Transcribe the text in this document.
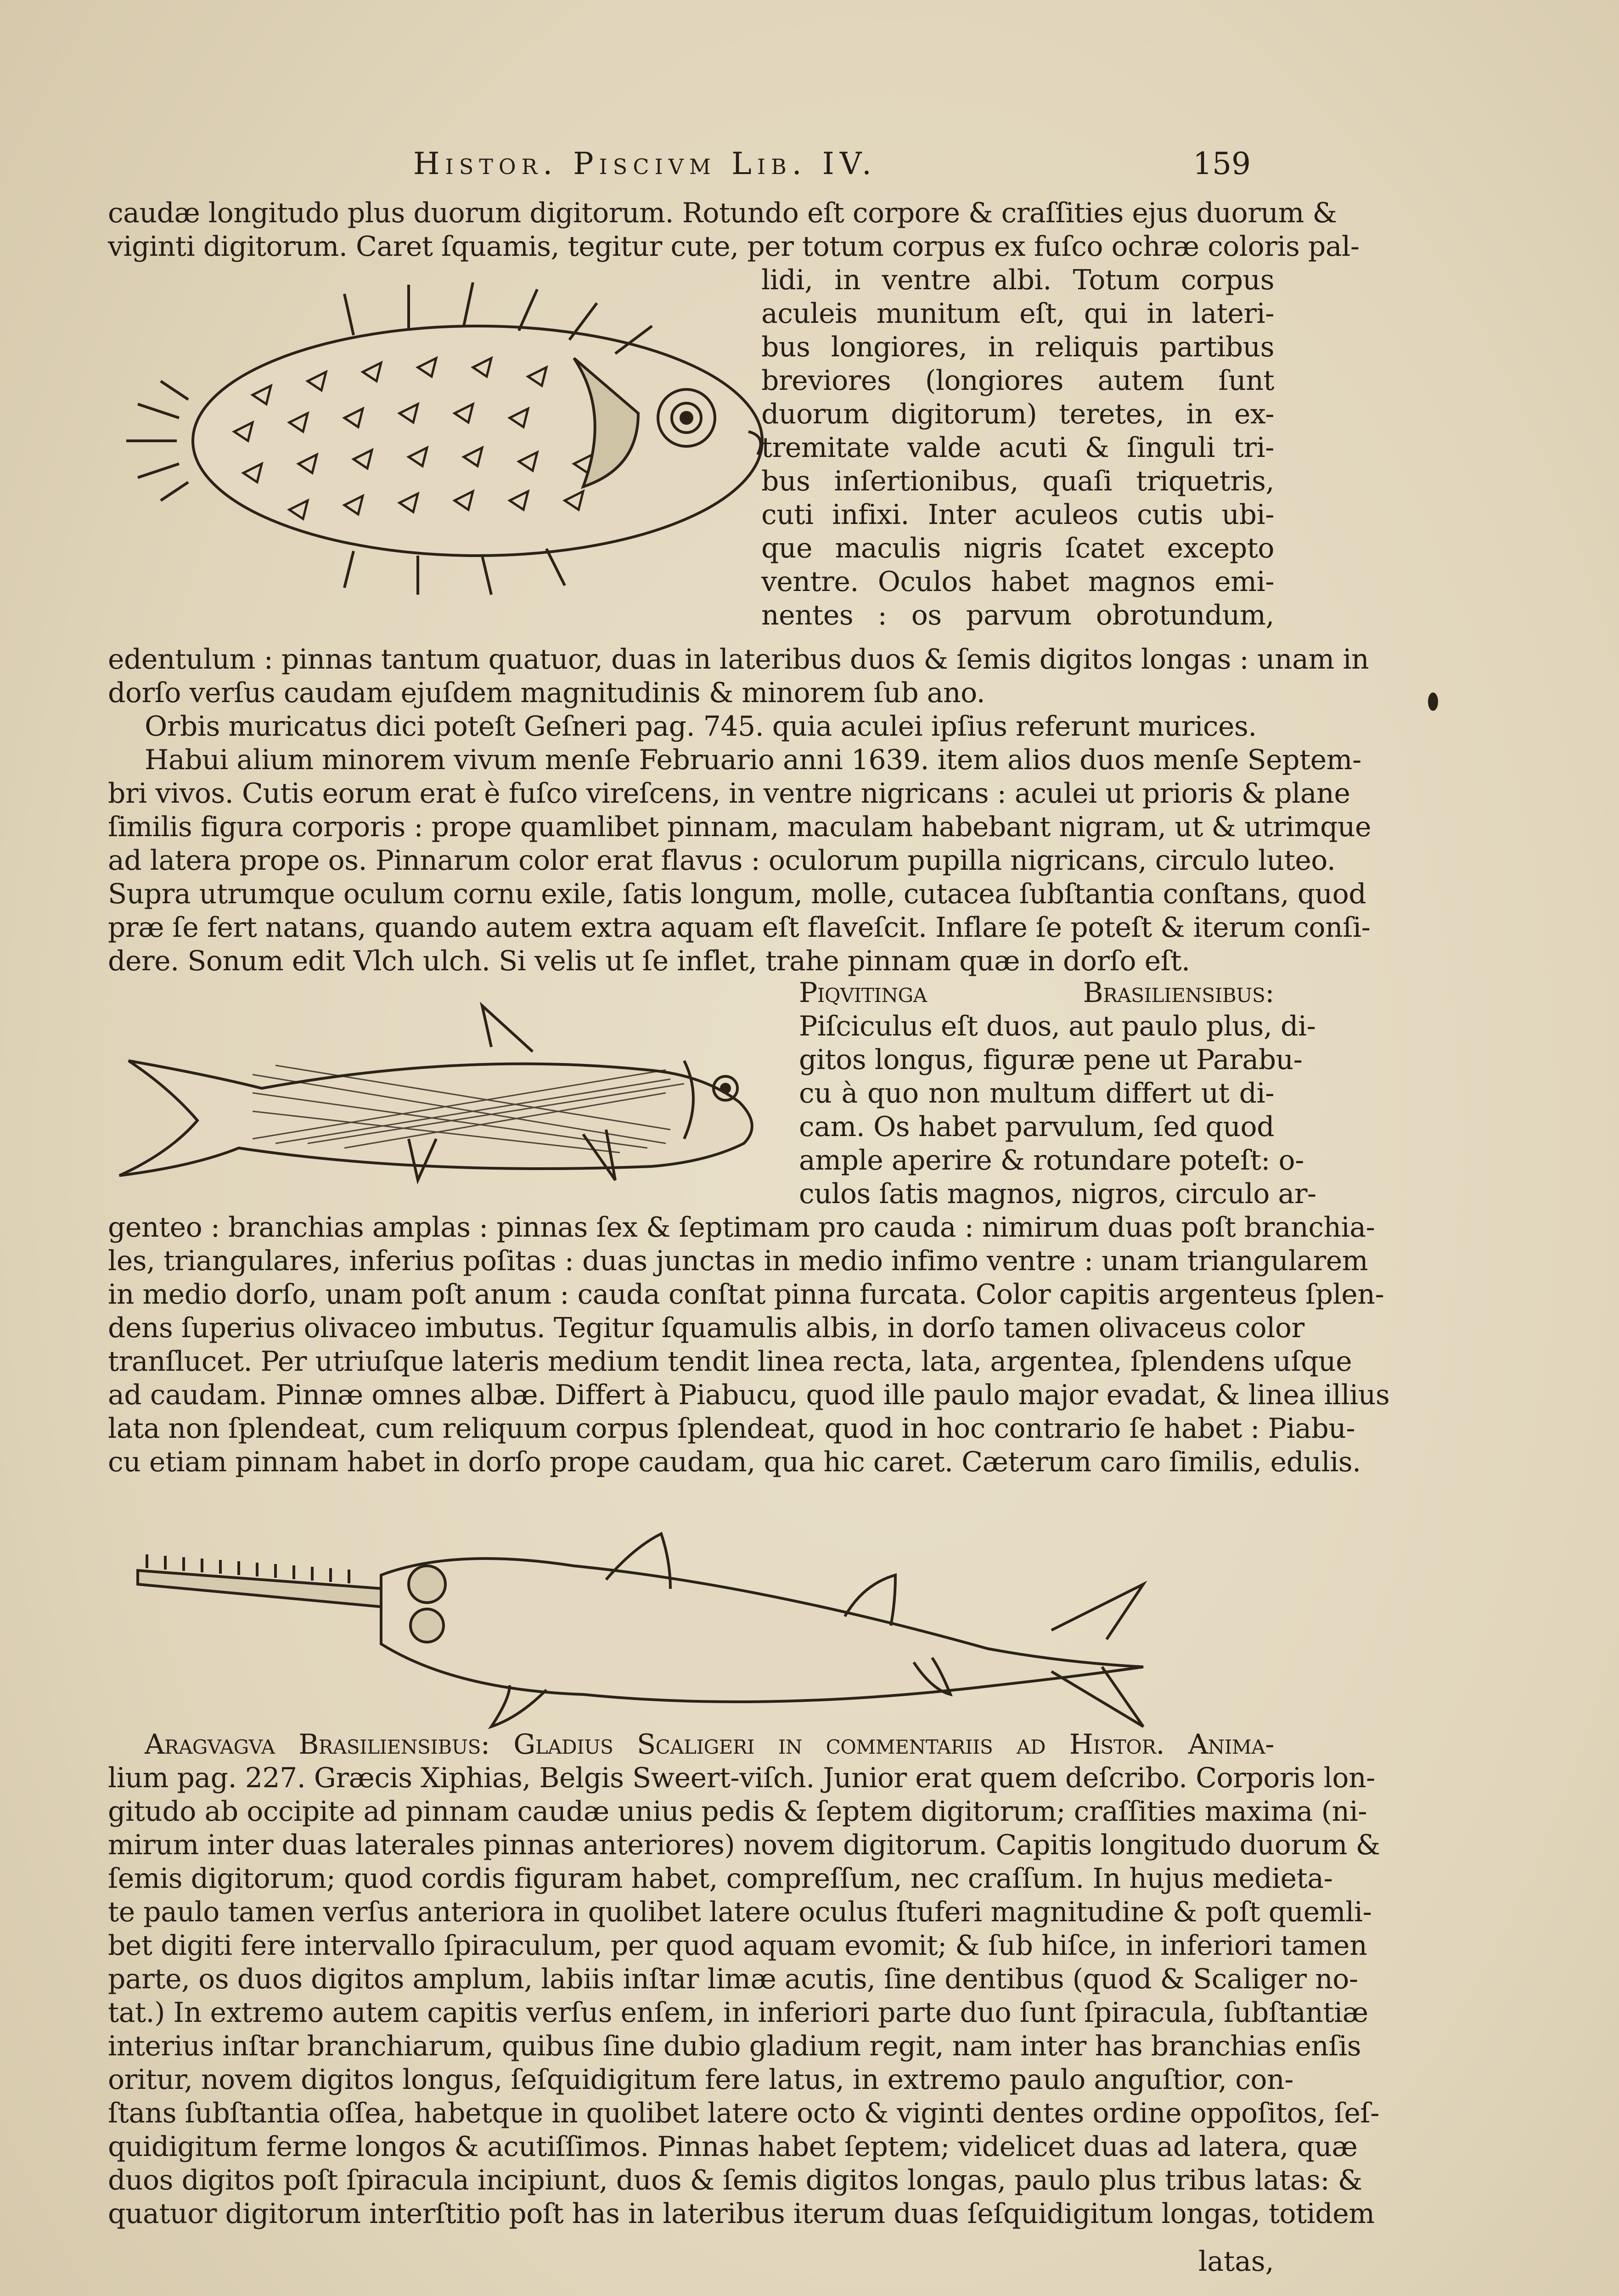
Histor. Piscivm Lib. IV.	159
caudæ longitudo plus duorum digitorum. Rotundo eſt corpore & craſſities ejus duorum &
viginti digitorum. Caret ſquamis, tegitur cute, per totum corpus ex fuſco ochræ coloris pal-
lidi, in ventre albi. Totum corpus
aculeis munitum eſt, qui in lateri-
bus longiores, in reliquis partibus
breviores (longiores autem ſunt
duorum digitorum) teretes, in ex-
tremitate valde acuti & ſinguli tri-
bus inſertionibus, quaſi triquetris,
cuti infixi. Inter aculeos cutis ubi-
que maculis nigris ſcatet excepto
ventre. Oculos habet magnos emi-
nentes : os parvum obrotundum,
edentulum : pinnas tantum quatuor, duas in lateribus duos & ſemis digitos longas : unam in
dorſo verſus caudam ejuſdem magnitudinis & minorem ſub ano.
Orbis muricatus dici poteſt Geſneri pag. 745. quia aculei ipſius referunt murices.
Habui alium minorem vivum menſe Februario anni 1639. item alios duos menſe Septem-
bri vivos. Cutis eorum erat è fuſco vireſcens, in ventre nigricans : aculei ut prioris & plane
ſimilis figura corporis : prope quamlibet pinnam, maculam habebant nigram, ut & utrimque
ad latera prope os. Pinnarum color erat flavus : oculorum pupilla nigricans, circulo luteo.
Supra utrumque oculum cornu exile, ſatis longum, molle, cutacea ſubſtantia conſtans, quod
præ ſe fert natans, quando autem extra aquam eſt flaveſcit. Inflare ſe poteſt & iterum conſi-
dere. Sonum edit Vlch ulch. Si velis ut ſe inflet, trahe pinnam quæ in dorſo eſt.
Piqvitinga Braſilienſibus:
Piſciculus eſt duos, aut paulo plus, di-
gitos longus, figuræ pene ut Parabu-
cu à quo non multum differt ut di-
cam. Os habet parvulum, ſed quod
ample aperire & rotundare poteſt: o-
culos ſatis magnos, nigros, circulo ar-
genteo : branchias amplas : pinnas ſex & ſeptimam pro cauda : nimirum duas poſt branchia-
les, triangulares, inferius poſitas : duas junctas in medio infimo ventre : unam triangularem
in medio dorſo, unam poſt anum : cauda conſtat pinna furcata. Color capitis argenteus ſplen-
dens ſuperius olivaceo imbutus. Tegitur ſquamulis albis, in dorſo tamen olivaceus color
tranſlucet. Per utriuſque lateris medium tendit linea recta, lata, argentea, ſplendens uſque
ad caudam. Pinnæ omnes albæ. Differt à Piabucu, quod ille paulo major evadat, & linea illius
lata non ſplendeat, cum reliquum corpus ſplendeat, quod in hoc contrario ſe habet : Piabu-
cu etiam pinnam habet in dorſo prope caudam, qua hic caret. Cæterum caro ſimilis, edulis.
Aragvagva Braſilienſibus: Gladius Scaligeri in commentariis ad Hiſtor. Anima-
lium pag. 227. Græcis Xiphias, Belgis Sweert-viſch. Junior erat quem deſcribo. Corporis lon-
gitudo ab occipite ad pinnam caudæ unius pedis & ſeptem digitorum; craſſities maxima (ni-
mirum inter duas laterales pinnas anteriores) novem digitorum. Capitis longitudo duorum &
ſemis digitorum; quod cordis figuram habet, compreſſum, nec craſſum. In hujus medieta-
te paulo tamen verſus anteriora in quolibet latere oculus ſtuferi magnitudine & poſt quemli-
bet digiti fere intervallo ſpiraculum, per quod aquam evomit; & ſub hiſce, in inferiori tamen
parte, os duos digitos amplum, labiis inſtar limæ acutis, ſine dentibus (quod & Scaliger no-
tat.) In extremo autem capitis verſus enſem, in inferiori parte duo ſunt ſpiracula, ſubſtantiæ
interius inſtar branchiarum, quibus ſine dubio gladium regit, nam inter has branchias enſis
oritur, novem digitos longus, ſeſquidigitum fere latus, in extremo paulo anguſtior, con-
ſtans ſubſtantia oſſea, habetque in quolibet latere octo & viginti dentes ordine oppoſitos, ſeſ-
quidigitum ferme longos & acutiſſimos. Pinnas habet ſeptem; videlicet duas ad latera, quæ
duos digitos poſt ſpiracula incipiunt, duos & ſemis digitos longas, paulo plus tribus latas: &
quatuor digitorum interſtitio poſt has in lateribus iterum duas ſeſquidigitum longas, totidem
latas,
